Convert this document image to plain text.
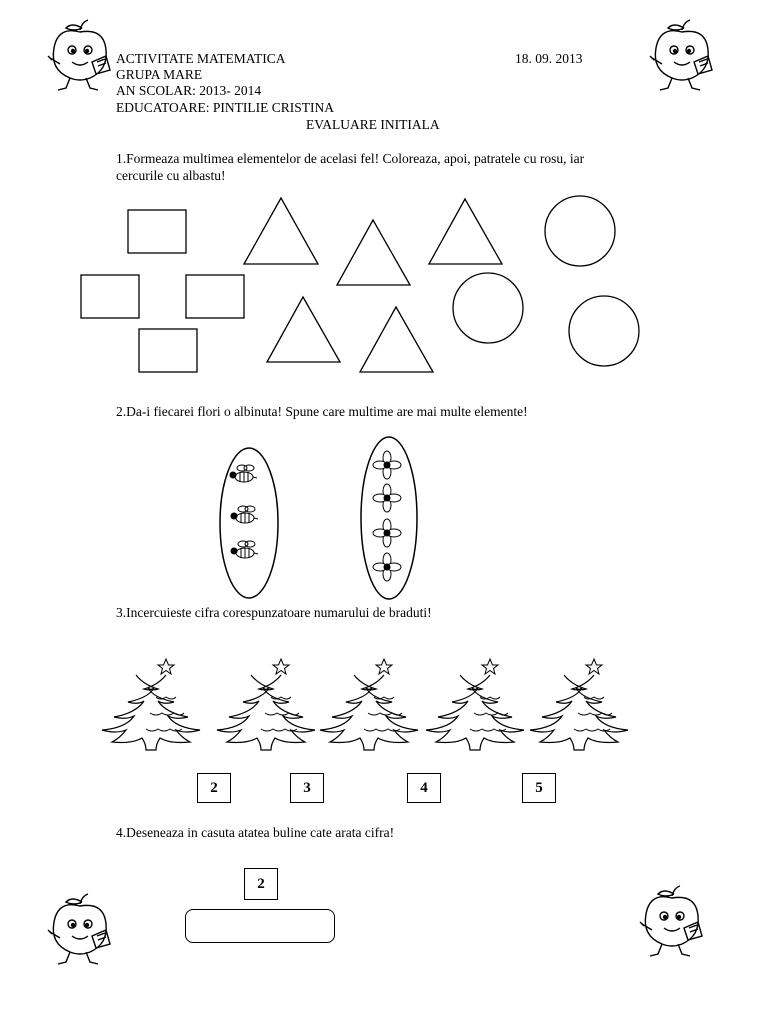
ACTIVITATE MATEMATICA	18. 09. 2013
GRUPA MARE
AN SCOLAR: 2013- 2014
EDUCATOARE: PINTILIE CRISTINA
EVALUARE INITIALA
1.Formeaza multimea elementelor de acelasi fel! Coloreaza, apoi, patratele cu rosu, iar
cercurile cu albastu!
2.Da-i fiecarei flori o albinuta! Spune care multime are mai multe elemente!
3.Incercuieste cifra corespunzatoare numarului de braduti!
2	3	4	5
4.Deseneaza in casuta atatea buline cate arata cifra!
2
